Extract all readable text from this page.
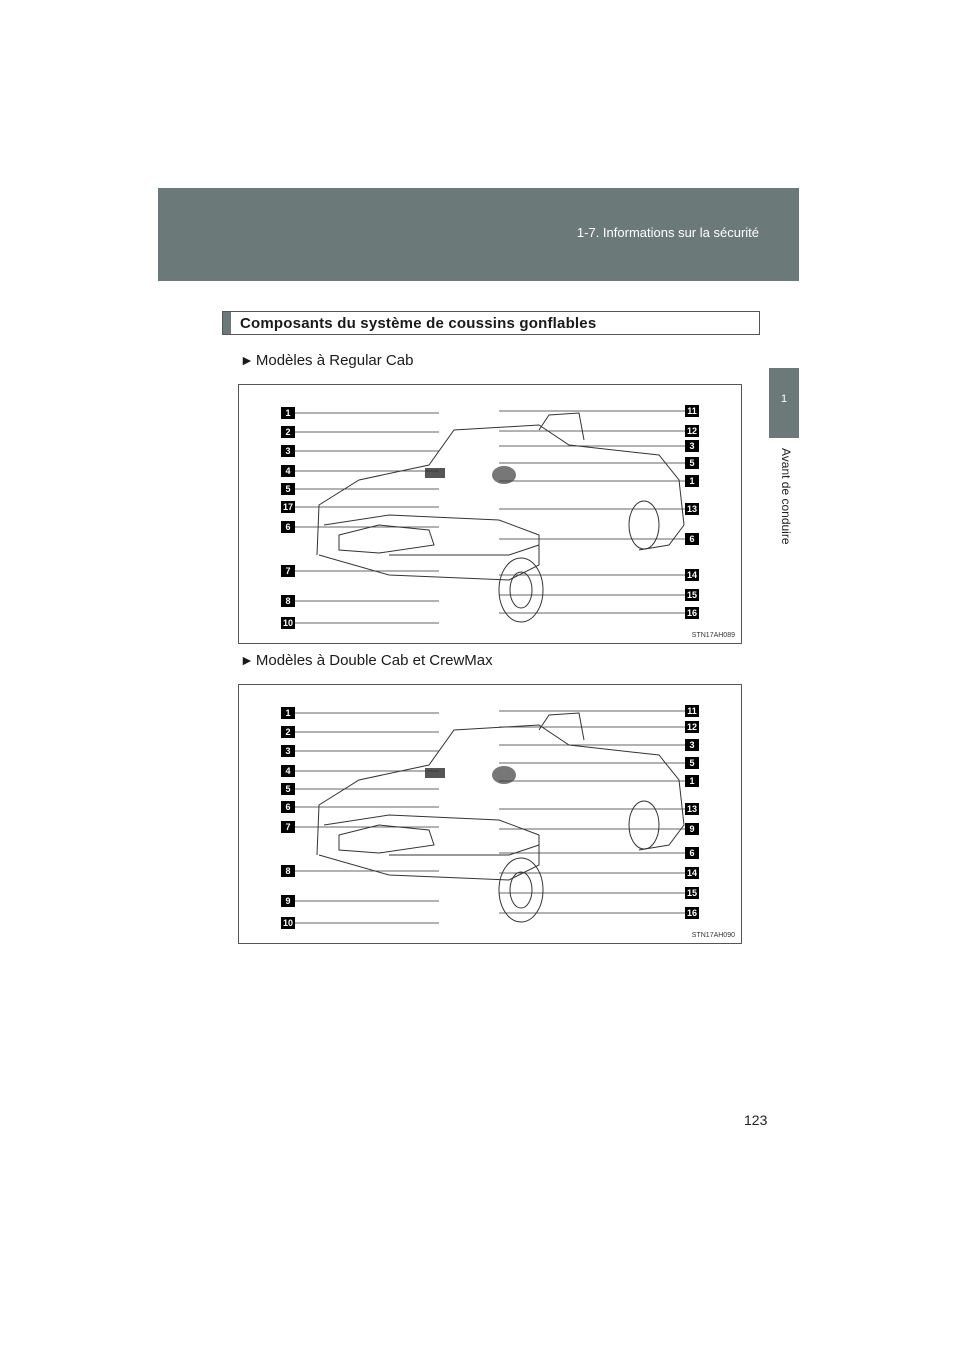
1-7. Informations sur la sécurité
1
Avant de conduire
Composants du système de coussins gonflables
► Modèles à Regular Cab
STN17AH089
1
2
3
4
5
17
6
7
8
10
11
12
3
5
1
13
6
14
15
16
► Modèles à Double Cab et CrewMax
STN17AH090
1
2
3
4
5
6
7
8
9
10
11
12
3
5
1
13
9
6
14
15
16
123
